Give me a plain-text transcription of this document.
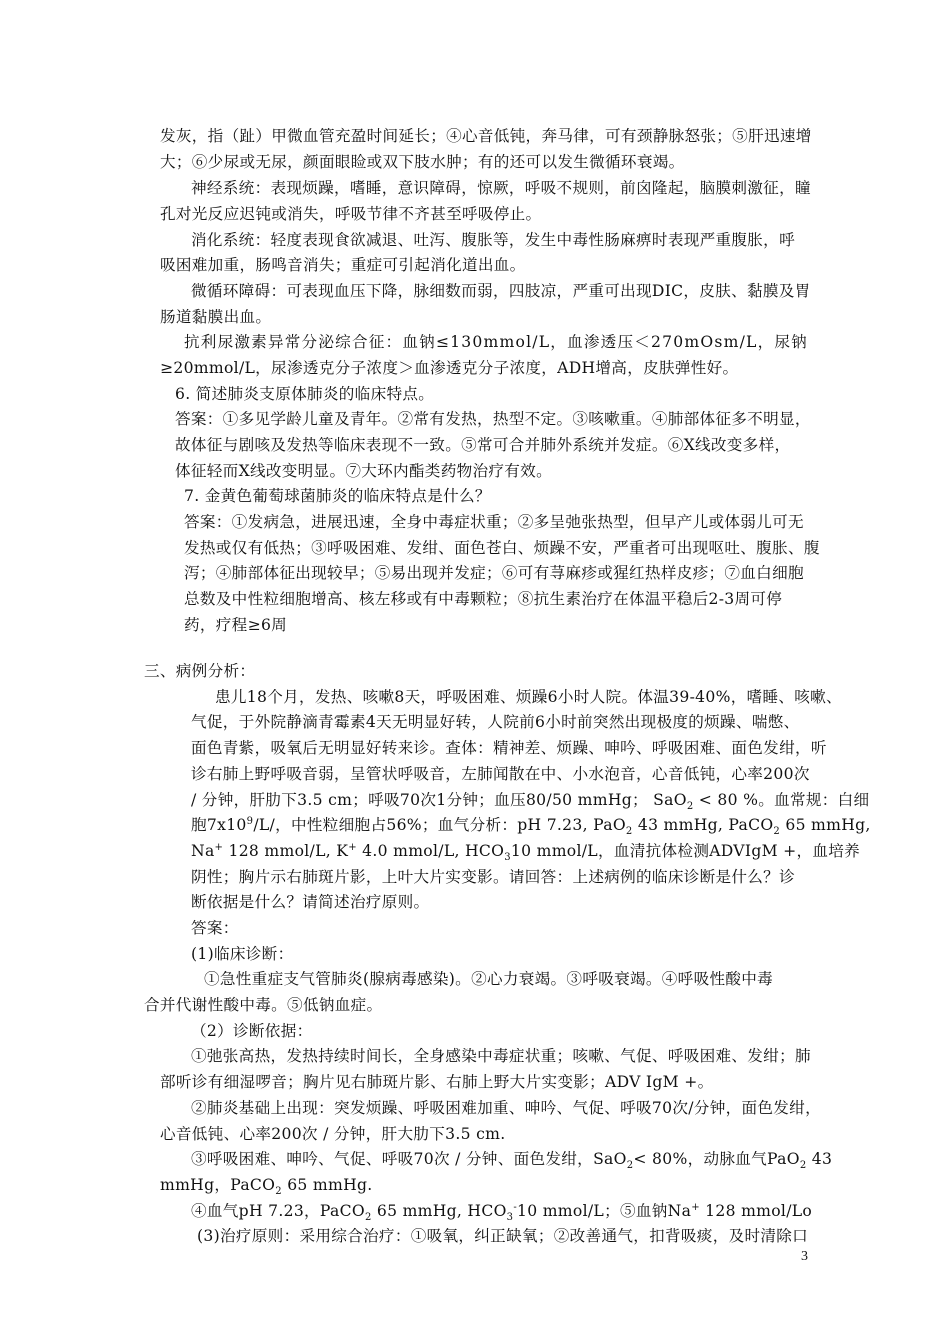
发灰，指（趾）甲微血管充盈时间延长；④心音低钝，奔马律，可有颈静脉怒张；⑤肝迅速增
大；⑥少尿或无尿，颜面眼睑或双下肢水肿；有的还可以发生微循环衰竭。
神经系统：表现烦躁，嗜睡，意识障碍，惊厥，呼吸不规则，前囟隆起，脑膜刺激征，瞳
孔对光反应迟钝或消失，呼吸节律不齐甚至呼吸停止。
消化系统：轻度表现食欲减退、吐泻、腹胀等，发生中毒性肠麻痹时表现严重腹胀，呼
吸困难加重，肠鸣音消失；重症可引起消化道出血。
微循环障碍：可表现血压下降，脉细数而弱，四肢凉，严重可出现DIC，皮肤、黏膜及胃
肠道黏膜出血。
抗利尿激素异常分泌综合征：血钠≤130mmol/L，血渗透压＜270mOsm/L，尿钠
≥20mmol/L，尿渗透克分子浓度＞血渗透克分子浓度，ADH增高，皮肤弹性好。
6. 简述肺炎支原体肺炎的临床特点。
答案：①多见学龄儿童及青年。②常有发热，热型不定。③咳嗽重。④肺部体征多不明显，
故体征与剧咳及发热等临床表现不一致。⑤常可合并肺外系统并发症。⑥X线改变多样，
体征轻而X线改变明显。⑦大环内酯类药物治疗有效。
7. 金黄色葡萄球菌肺炎的临床特点是什么？
答案：①发病急，进展迅速，全身中毒症状重；②多呈弛张热型，但早产儿或体弱儿可无
发热或仅有低热；③呼吸困难、发绀、面色苍白、烦躁不安，严重者可出现呕吐、腹胀、腹
泻；④肺部体征出现较早；⑤易出现并发症；⑥可有荨麻疹或猩红热样皮疹；⑦血白细胞
总数及中性粒细胞增高、核左移或有中毒颗粒；⑧抗生素治疗在体温平稳后2-3周可停
药，疗程≥6周
三、病例分析：
患儿18个月，发热、咳嗽8天，呼吸困难、烦躁6小时人院。体温39-40%，嗜睡、咳嗽、
气促，于外院静滴青霉素4天无明显好转，人院前6小时前突然出现极度的烦躁、喘憋、
面色青紫，吸氧后无明显好转来诊。查体：精神差、烦躁、呻吟、呼吸困难、面色发绀，听
诊右肺上野呼吸音弱，呈管状呼吸音，左肺闻散在中、小水泡音，心音低钝，心率200次
/ 分钟，肝肋下3.5 cm；呼吸70次1分钟；血压80/50 mmHg； SaO$_2$ < 80 %。血常规：白细
胞$7x10^9/L/$，中性粒细胞占56%；血气分析：pH 7.23, PaO$_2$ 43 mmHg, PaCO$_2$ 65 mmHg,
Na+ 128 mmol/L, K+ 4.0 mmol/L, $HCO_310$ mmol/L，血清抗体检测ADVIgM +，血培养
阴性；胸片示右肺斑片影，上叶大片实变影。请回答：上述病例的临床诊断是什么？诊
断依据是什么？请简述治疗原则。
答案：
(1)临床诊断：
①急性重症支气管肺炎(腺病毒感染)。②心力衰竭。③呼吸衰竭。④呼吸性酸中毒
合并代谢性酸中毒。⑤低钠血症。
（2）诊断依据：
①弛张高热，发热持续时间长，全身感染中毒症状重；咳嗽、气促、呼吸困难、发绀；肺
部听诊有细湿啰音；胸片见右肺斑片影、右肺上野大片实变影；ADV IgM +。
②肺炎基础上出现：突发烦躁、呼吸困难加重、呻吟、气促、呼吸70次/分钟，面色发绀，
心音低钝、心率200次 / 分钟，肝大肋下3.5 cm.
③呼吸困难、呻吟、气促、呼吸70次 / 分钟、面色发绀，SaO$_2$< 80%，动脉血气PaO$_2$ 43
mmHg，PaCO$_2$ 65 mmHg.
④血气pH 7.23，PaCO$_2$ 65 mmHg, $HCO_3^-10$ mmol/L；⑤血钠Na+ 128 mmol/Lo
(3)治疗原则：采用综合治疗：①吸氧，纠正缺氧；②改善通气，扣背吸痰，及时清除口
3
